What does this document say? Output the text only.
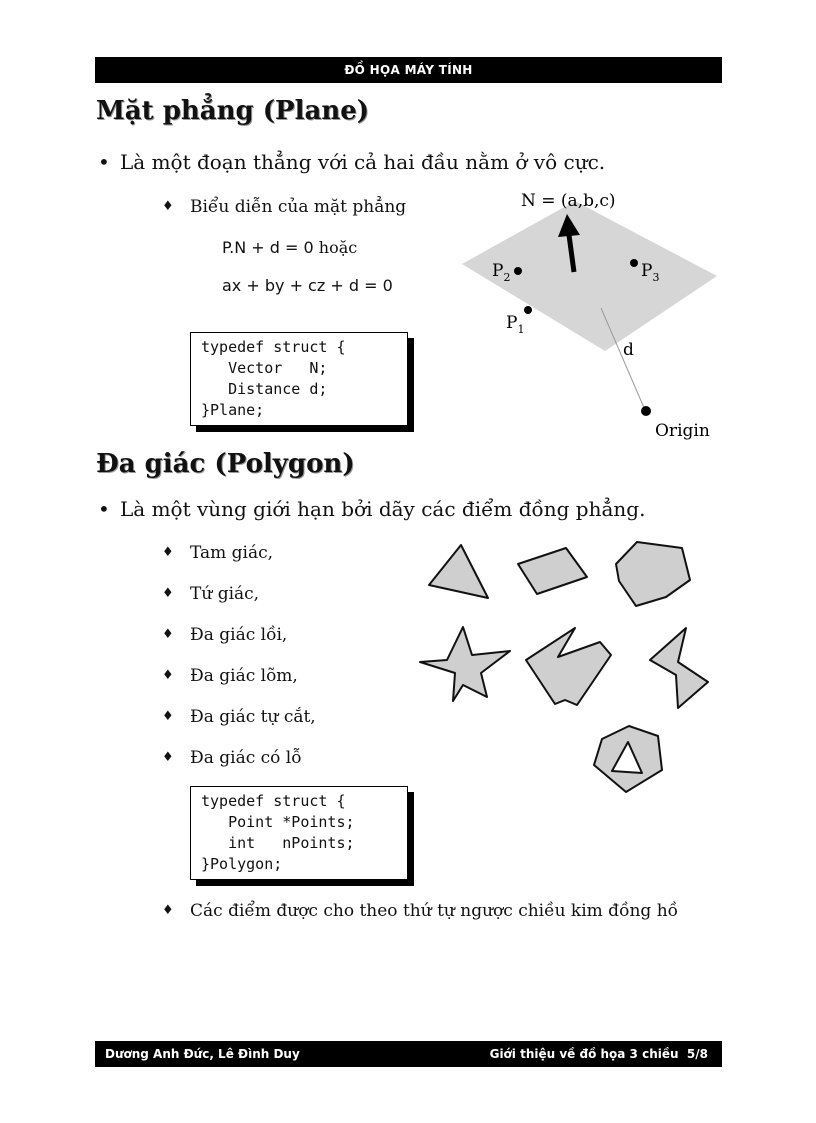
ĐỒ HỌA MÁY TÍNH
Mặt phẳng (Plane)
• Là một đoạn thẳng với cả hai đầu nằm ở vô cực.
♦ Biểu diễn của mặt phẳng
P.N + d = 0 hoặc
ax + by + cz + d = 0
typedef struct {
Vector   N;
Distance d;
}Plane;
N = (a,b,c)
$P_2$	$P_3$
$P_1$
d
Origin
Đa giác (Polygon)
• Là một vùng giới hạn bởi dãy các điểm đồng phẳng.
♦ Tam giác,
♦ Tứ giác,
♦ Đa giác lồi,
♦ Đa giác lõm,
♦ Đa giác tự cắt,
♦ Đa giác có lỗ
typedef struct {
Point *Points;
int   nPoints;
}Polygon;
♦ Các điểm được cho theo thứ tự ngược chiều kim đồng hồ
Dương Anh Đức, Lê Đình Duy	Giới thiệu về đồ họa 3 chiều 5/8
